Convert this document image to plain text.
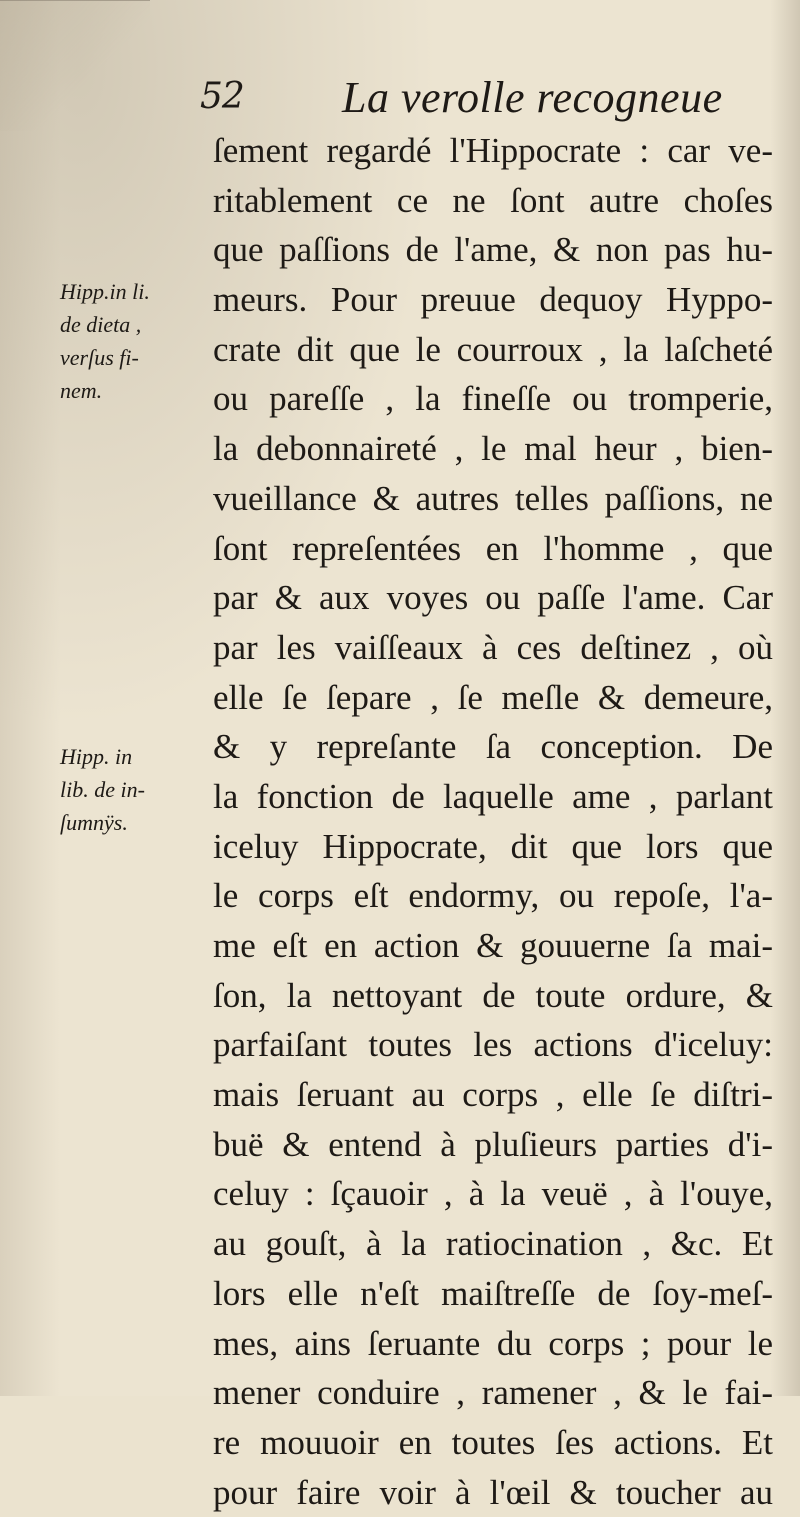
52 La verolle recogneue
Hipp.in li.
de dieta ,
verſus fi-
nem.
Hipp. in
lib. de in-
ſumnÿs.
ſement regardé l'Hippocrate : car ve-
ritablement ce ne ſont autre choſes
que paſſions de l'ame, & non pas hu-
meurs. Pour preuue dequoy Hyppo-
crate dit que le courroux , la laſcheté
ou pareſſe , la fineſſe ou tromperie,
la debonnaireté , le mal heur , bien-
vueillance & autres telles paſſions, ne
ſont repreſentées en l'homme , que
par & aux voyes ou paſſe l'ame. Car
par les vaiſſeaux à ces deſtinez , où
elle ſe ſepare , ſe meſle & demeure,
& y repreſante ſa conception. De
la fonction de laquelle ame , parlant
iceluy Hippocrate, dit que lors que
le corps eſt endormy, ou repoſe, l'a-
me eſt en action & gouuerne ſa mai-
ſon, la nettoyant de toute ordure, &
parfaiſant toutes les actions d'iceluy:
mais ſeruant au corps , elle ſe diſtri-
buë & entend à pluſieurs parties d'i-
celuy : ſçauoir , à la veuë , à l'ouye,
au gouſt, à la ratiocination , &c. Et
lors elle n'eſt maiſtreſſe de ſoy-meſ-
mes, ains ſeruante du corps ; pour le
mener conduire , ramener , & le fai-
re mouuoir en toutes ſes actions. Et
pour faire voir à l'œil & toucher au
